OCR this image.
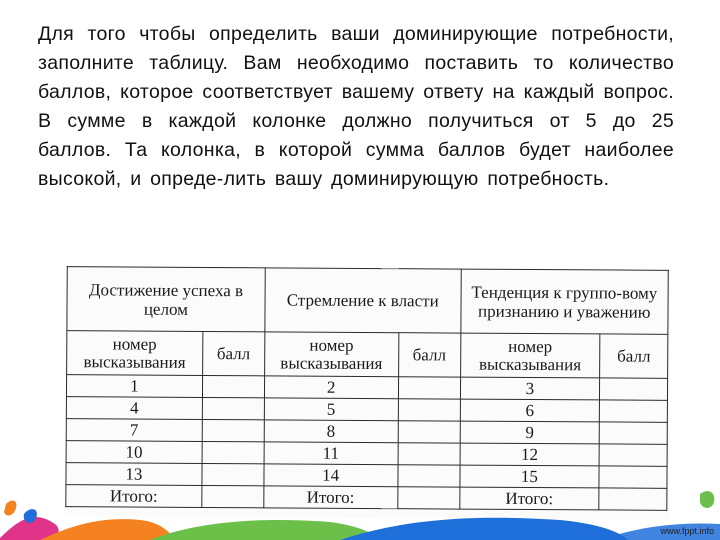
Для того чтобы определить ваши доминирующие потребности, заполните таблицу. Вам необходимо поставить то количество баллов, которое соответствует вашему ответу на каждый вопрос. В сумме в каждой колонке должно получиться от 5 до 25 баллов. Та колонка, в которой сумма баллов будет наиболее высокой, и опреде-лить вашу доминирующую потребность.

Достижение успеха в целом		Стремление к власти		Тенденция к группо-вому признанию и уважению	
номер высказывания	балл	номер высказывания	балл	номер высказывания	балл
1		2		3	
4		5		6	
7		8		9	
10		11		12	
13		14		15	
Итого:		Итого:		Итого:	
www.fppt.info
